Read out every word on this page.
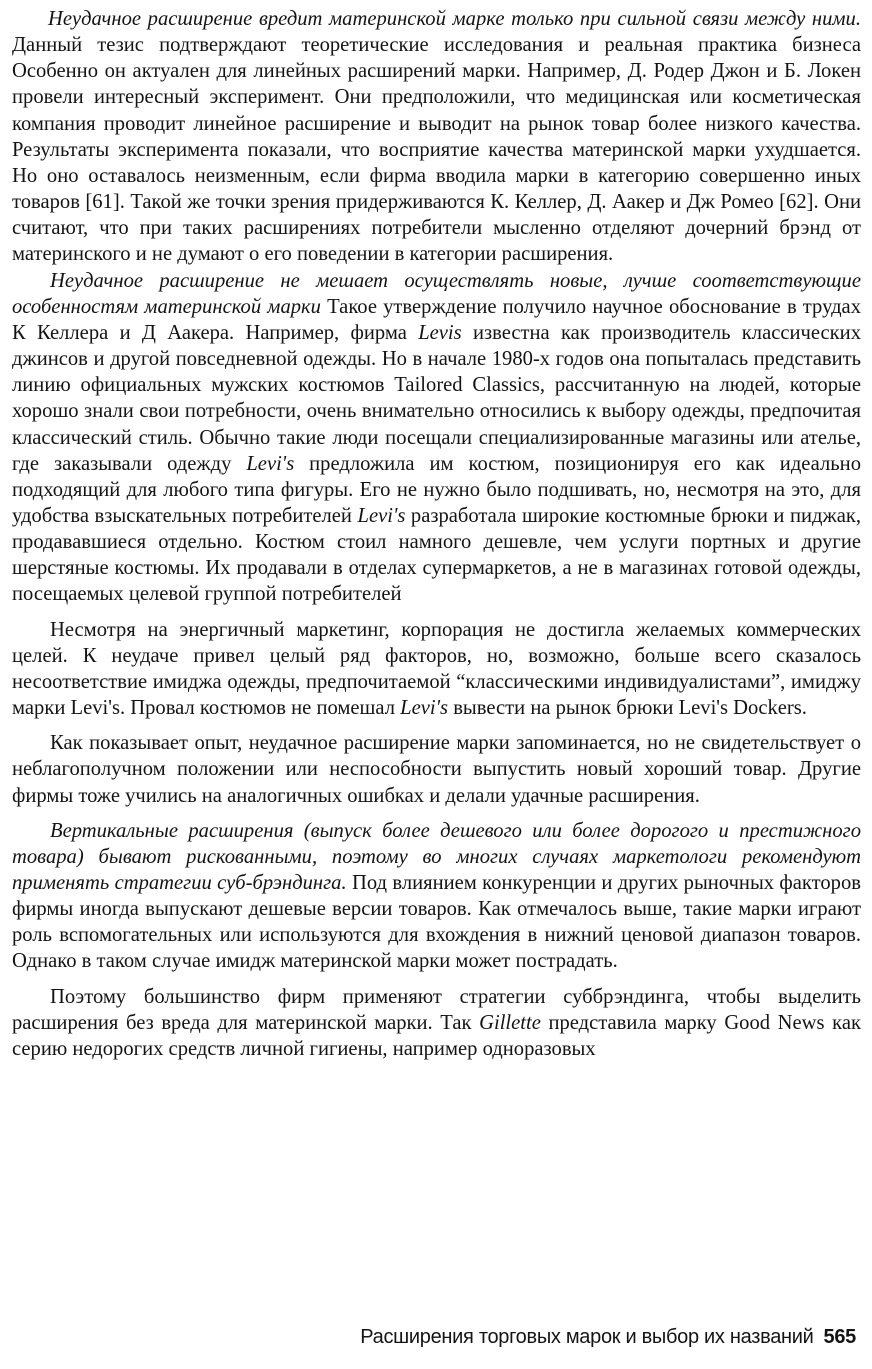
Неудачное расширение вредит материнской марке только при сильной связи между ними. Данный тезис подтверждают теоретические исследования и реальная практика бизнеса Особенно он актуален для линейных расширений марки. Например, Д. Родер Джон и Б. Локен провели интересный эксперимент. Они предположили, что медицинская или косметическая компания проводит линейное расширение и выводит на рынок товар более низкого качества. Результаты эксперимента показали, что восприятие качества материнской марки ухудшается. Но оно оставалось неизменным, если фирма вводила марки в категорию совершенно иных товаров [61]. Такой же точки зрения придерживаются К. Келлер, Д. Аакер и Дж Ромео [62]. Они считают, что при таких расширениях потребители мысленно отделяют дочерний брэнд от материнского и не думают о его поведении в категории расширения.

Неудачное расширение не мешает осуществлять новые, лучше соответствующие особенностям материнской марки Такое утверждение получило научное обоснование в трудах К Келлера и Д Аакера. Например, фирма Levis известна как производитель классических джинсов и другой повседневной одежды. Но в начале 1980-х годов она попыталась представить линию официальных мужских костюмов Tailored Classics, рассчитанную на людей, которые хорошо знали свои потребности, очень внимательно относились к выбору одежды, предпочитая классический стиль. Обычно такие люди посещали специализированные магазины или ателье, где заказывали одежду Levi's предложила им костюм, позиционируя его как идеально подходящий для любого типа фигуры. Его не нужно было подшивать, но, несмотря на это, для удобства взыскательных потребителей Levi's разработала широкие костюмные брюки и пиджак, продававшиеся отдельно. Костюм стоил намного дешевле, чем услуги портных и другие шерстяные костюмы. Их продавали в отделах супермаркетов, а не в магазинах готовой одежды, посещаемых целевой группой потребителей

Несмотря на энергичный маркетинг, корпорация не достигла желаемых коммерческих целей. К неудаче привел целый ряд факторов, но, возможно, больше всего сказалось несоответствие имиджа одежды, предпочитаемой “классическими индивидуалистами”, имиджу марки Levi's. Провал костюмов не помешал Levi's вывести на рынок брюки Levi's Dockers.

Как показывает опыт, неудачное расширение марки запоминается, но не свидетельствует о неблагополучном положении или неспособности выпустить новый хороший товар. Другие фирмы тоже учились на аналогичных ошибках и делали удачные расширения.

Вертикальные расширения (выпуск более дешевого или более дорогого и престижного товара) бывают рискованными, поэтому во многих случаях маркетологи рекомендуют применять стратегии суб-брэндинга. Под влиянием конкуренции и других рыночных факторов фирмы иногда выпускают дешевые версии товаров. Как отмечалось выше, такие марки играют роль вспомогательных или используются для вхождения в нижний ценовой диапазон товаров. Однако в таком случае имидж материнской марки может пострадать.

Поэтому большинство фирм применяют стратегии суббрэндинга, чтобы выделить расширения без вреда для материнской марки. Так Gillette представила марку Good News как серию недорогих средств личной гигиены, например одноразовых

Расширения торговых марок и выбор их названий 565
